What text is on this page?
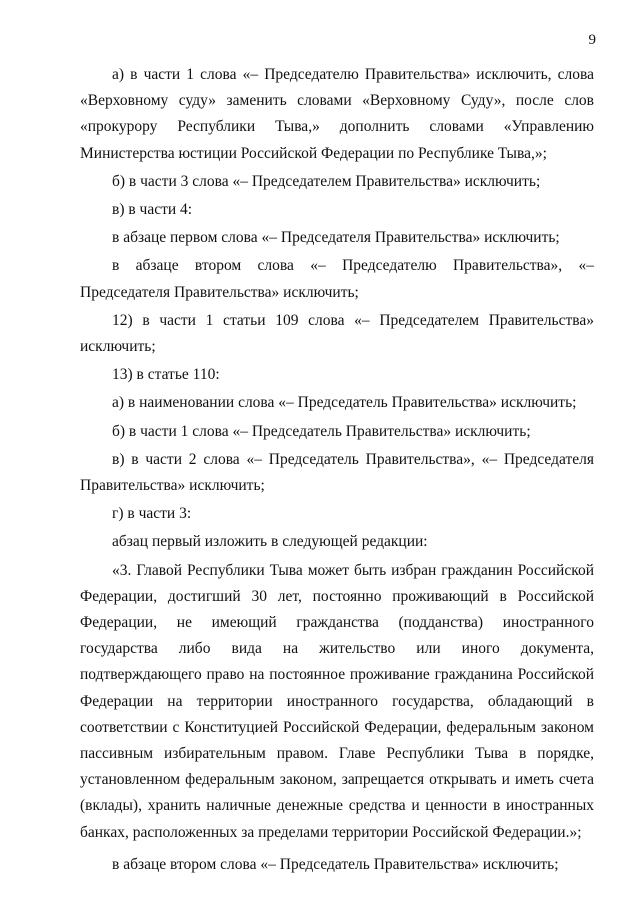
9

а) в части 1 слова «– Председателю Правительства» исключить, слова «Верховному суду» заменить словами «Верховному Суду», после слов «прокурору Республики Тыва,» дополнить словами «Управлению Министерства юстиции Российской Федерации по Республике Тыва,»;

б) в части 3 слова «– Председателем Правительства» исключить;

в) в части 4:

в абзаце первом слова «– Председателя Правительства» исключить;

в абзаце втором слова «– Председателю Правительства», «– Председателя Правительства» исключить;

12) в части 1 статьи 109 слова «– Председателем Правительства» исключить;

13) в статье 110:

а) в наименовании слова «– Председатель Правительства» исключить;

б) в части 1 слова «– Председатель Правительства» исключить;

в) в части 2 слова «– Председатель Правительства», «– Председателя Правительства» исключить;

г) в части 3:

абзац первый изложить в следующей редакции:

«3. Главой Республики Тыва может быть избран гражданин Российской Федерации, достигший 30 лет, постоянно проживающий в Российской Федерации, не имеющий гражданства (подданства) иностранного государства либо вида на жительство или иного документа, подтверждающего право на постоянное проживание гражданина Российской Федерации на территории иностранного государства, обладающий в соответствии с Конституцией Российской Федерации, федеральным законом пассивным избирательным правом. Главе Республики Тыва в порядке, установленном федеральным законом, запрещается открывать и иметь счета (вклады), хранить наличные денежные средства и ценности в иностранных банках, расположенных за пределами территории Российской Федерации.»;

в абзаце втором слова «– Председатель Правительства» исключить;
